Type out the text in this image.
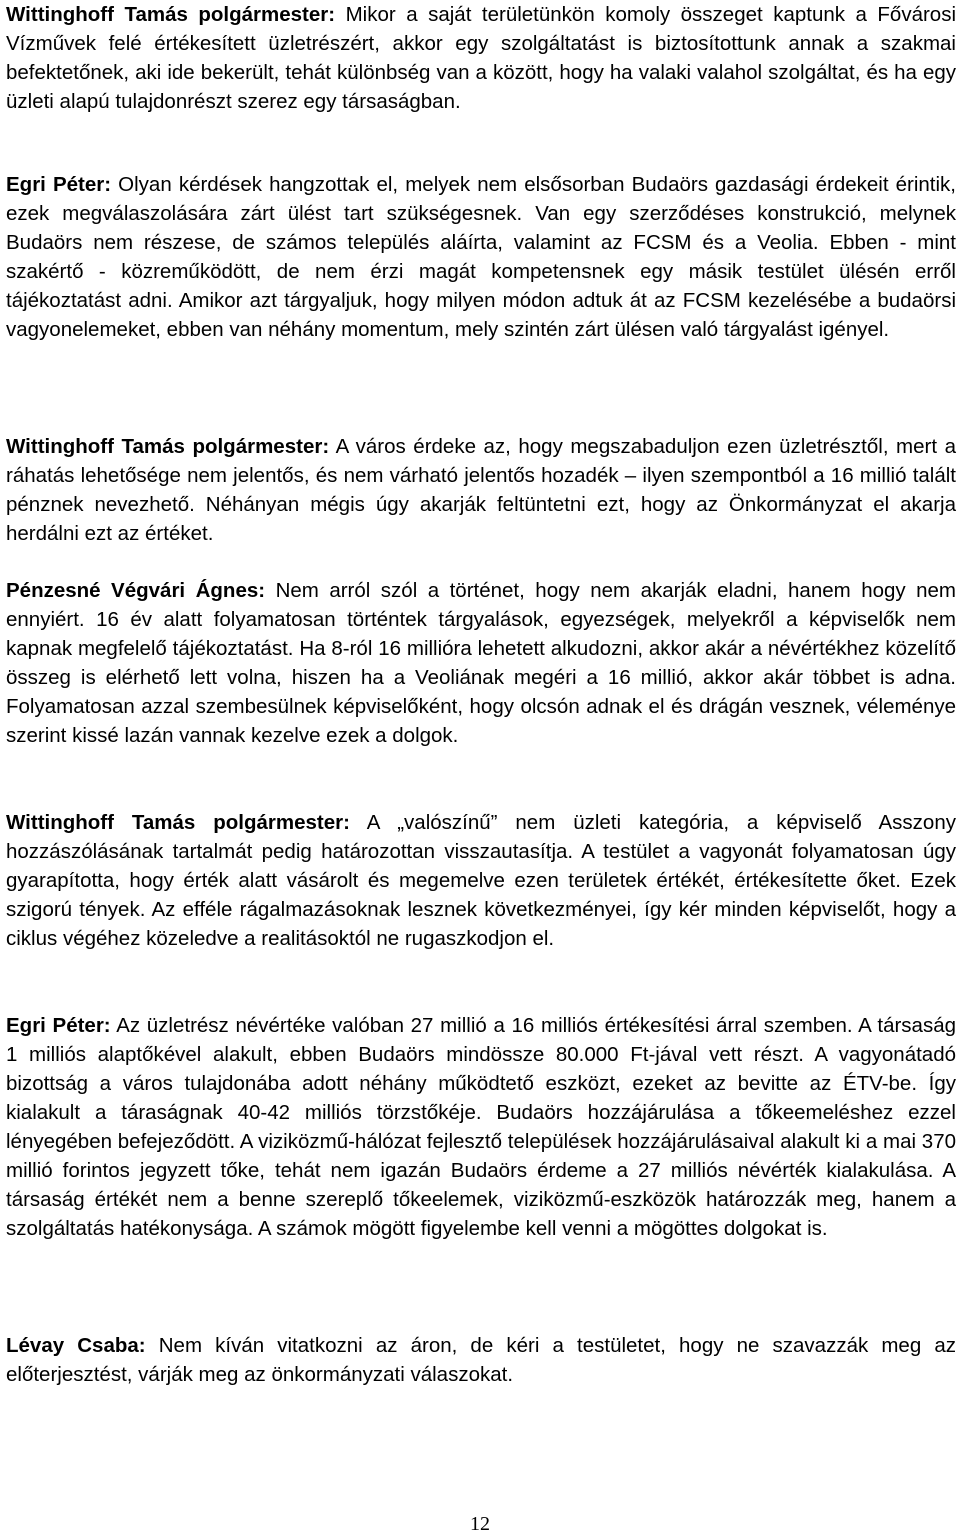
Wittinghoff Tamás polgármester: Mikor a saját területünkön komoly összeget kaptunk a Fővárosi Vízművek felé értékesített üzletrészért, akkor egy szolgáltatást is biztosítottunk annak a szakmai befektetőnek, aki ide bekerült, tehát különbség van a között, hogy ha valaki valahol szolgáltat, és ha egy üzleti alapú tulajdonrészt szerez egy társaságban.

Egri Péter: Olyan kérdések hangzottak el, melyek nem elsősorban Budaörs gazdasági érdekeit érintik, ezek megválaszolására zárt ülést tart szükségesnek. Van egy szerződéses konstrukció, melynek Budaörs nem részese, de számos település aláírta, valamint az FCSM és a Veolia. Ebben - mint szakértő - közreműködött, de nem érzi magát kompetensnek egy másik testület ülésén erről tájékoztatást adni. Amikor azt tárgyaljuk, hogy milyen módon adtuk át az FCSM kezelésébe a budaörsi vagyonelemeket, ebben van néhány momentum, mely szintén zárt ülésen való tárgyalást igényel.

Wittinghoff Tamás polgármester: A város érdeke az, hogy megszabaduljon ezen üzletrésztől, mert a ráhatás lehetősége nem jelentős, és nem várható jelentős hozadék – ilyen szempontból a 16 millió talált pénznek nevezhető. Néhányan mégis úgy akarják feltüntetni ezt, hogy az Önkormányzat el akarja herdálni ezt az értéket.

Pénzesné Végvári Ágnes: Nem arról szól a történet, hogy nem akarják eladni, hanem hogy nem ennyiért. 16 év alatt folyamatosan történtek tárgyalások, egyezségek, melyekről a képviselők nem kapnak megfelelő tájékoztatást. Ha 8-ról 16 millióra lehetett alkudozni, akkor akár a névértékhez közelítő összeg is elérhető lett volna, hiszen ha a Veoliának megéri a 16 millió, akkor akár többet is adna. Folyamatosan azzal szembesülnek képviselőként, hogy olcsón adnak el és drágán vesznek, véleménye szerint kissé lazán vannak kezelve ezek a dolgok.

Wittinghoff Tamás polgármester: A „valószínű” nem üzleti kategória, a képviselő Asszony hozzászólásának tartalmát pedig határozottan visszautasítja. A testület a vagyonát folyamatosan úgy gyarapította, hogy érték alatt vásárolt és megemelve ezen területek értékét, értékesítette őket. Ezek szigorú tények. Az efféle rágalmazásoknak lesznek következményei, így kér minden képviselőt, hogy a ciklus végéhez közeledve a realitásoktól ne rugaszkodjon el.

Egri Péter: Az üzletrész névértéke valóban 27 millió a 16 milliós értékesítési árral szemben. A társaság 1 milliós alaptőkével alakult, ebben Budaörs mindössze 80.000 Ft-jával vett részt. A vagyonátadó bizottság a város tulajdonába adott néhány működtető eszközt, ezeket az bevitte az ÉTV-be. Így kialakult a táraságnak 40-42 milliós törzstőkéje. Budaörs hozzájárulása a tőkeemeléshez ezzel lényegében befejeződött. A viziközmű-hálózat fejlesztő települések hozzájárulásaival alakult ki a mai 370 millió forintos jegyzett tőke, tehát nem igazán Budaörs érdeme a 27 milliós névérték kialakulása. A társaság értékét nem a benne szereplő tőkeelemek, viziközmű-eszközök határozzák meg, hanem a szolgáltatás hatékonysága. A számok mögött figyelembe kell venni a mögöttes dolgokat is.

Lévay Csaba: Nem kíván vitatkozni az áron, de kéri a testületet, hogy ne szavazzák meg az előterjesztést, várják meg az önkormányzati válaszokat.

12
